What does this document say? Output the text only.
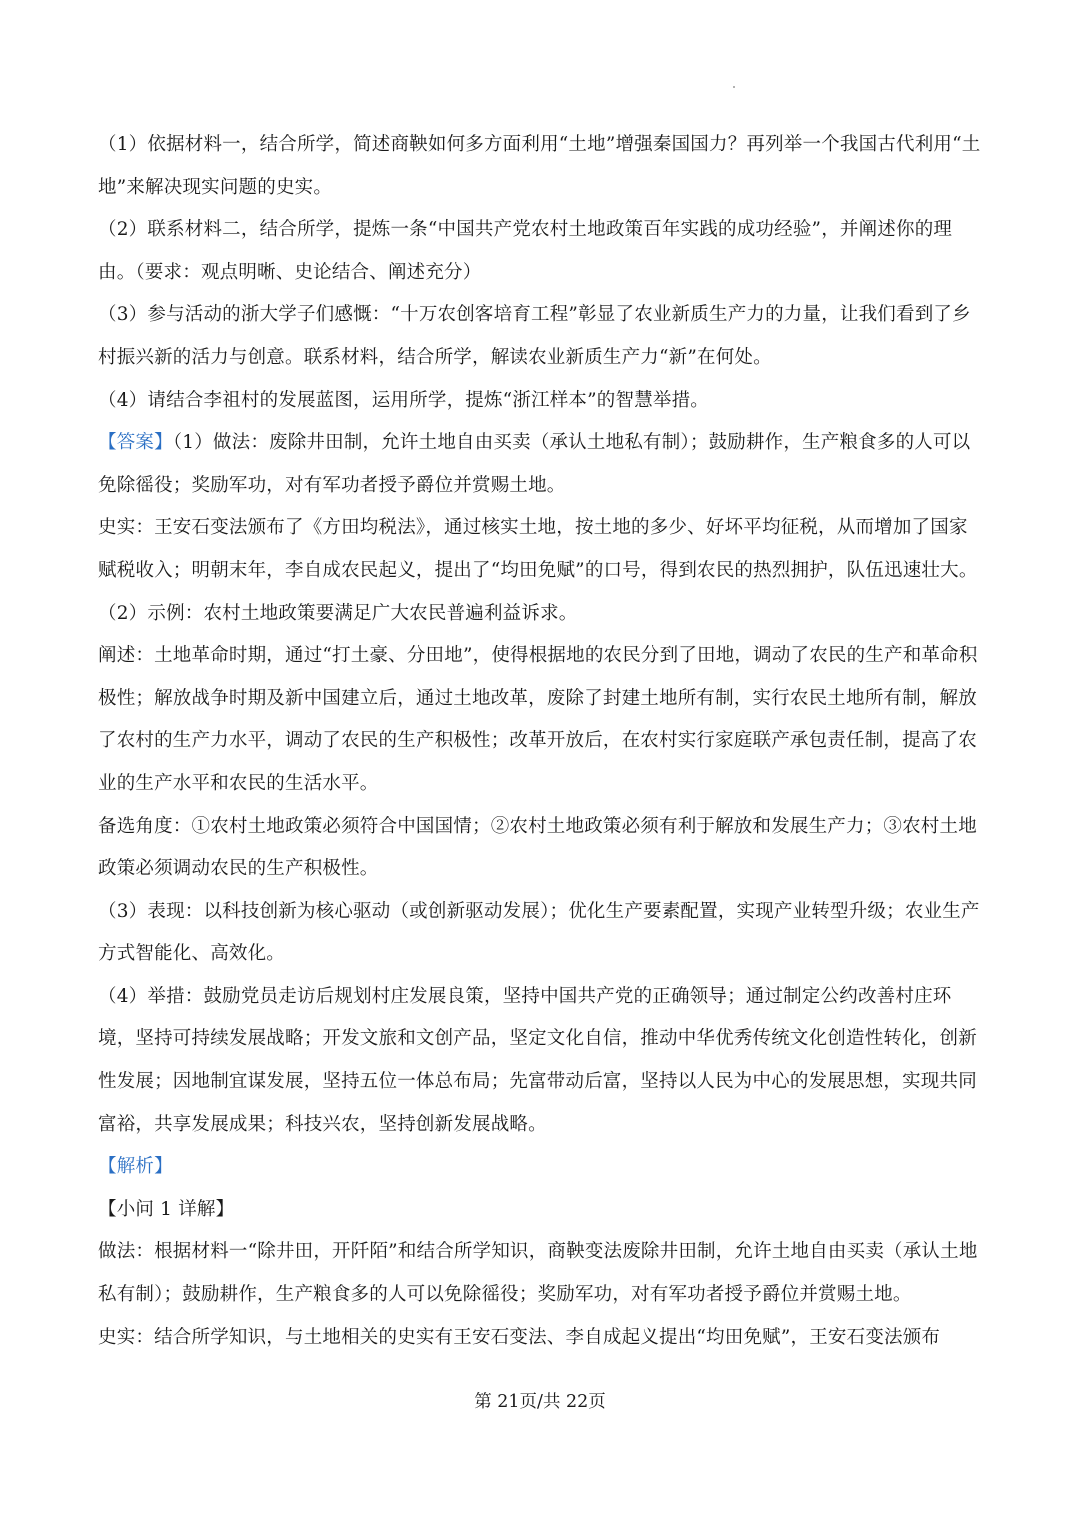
（1）依据材料一，结合所学，简述商鞅如何多方面利用“土地”增强秦国国力？再列举一个我国古代利用“土地”来解决现实问题的史实。

（2）联系材料二，结合所学，提炼一条“中国共产党农村土地政策百年实践的成功经验”，并阐述你的理由。（要求：观点明晰、史论结合、阐述充分）

（3）参与活动的浙大学子们感慨：“十万农创客培育工程”彰显了农业新质生产力的力量，让我们看到了乡村振兴新的活力与创意。联系材料，结合所学，解读农业新质生产力“新”在何处。

（4）请结合李祖村的发展蓝图，运用所学，提炼“浙江样本”的智慧举措。

【答案】（1）做法：废除井田制，允许土地自由买卖（承认土地私有制）；鼓励耕作，生产粮食多的人可以免除徭役；奖励军功，对有军功者授予爵位并赏赐土地。

史实：王安石变法颁布了《方田均税法》，通过核实土地，按土地的多少、好坏平均征税，从而增加了国家赋税收入；明朝末年，李自成农民起义，提出了“均田免赋”的口号，得到农民的热烈拥护，队伍迅速壮大。

（2）示例：农村土地政策要满足广大农民普遍利益诉求。

阐述：土地革命时期，通过“打土豪、分田地”，使得根据地的农民分到了田地，调动了农民的生产和革命积极性；解放战争时期及新中国建立后，通过土地改革，废除了封建土地所有制，实行农民土地所有制，解放了农村的生产力水平，调动了农民的生产积极性；改革开放后，在农村实行家庭联产承包责任制，提高了农业的生产水平和农民的生活水平。

备选角度：①农村土地政策必须符合中国国情；②农村土地政策必须有利于解放和发展生产力；③农村土地政策必须调动农民的生产积极性。

（3）表现：以科技创新为核心驱动（或创新驱动发展）；优化生产要素配置，实现产业转型升级；农业生产方式智能化、高效化。

（4）举措：鼓励党员走访后规划村庄发展良策，坚持中国共产党的正确领导；通过制定公约改善村庄环境，坚持可持续发展战略；开发文旅和文创产品，坚定文化自信，推动中华优秀传统文化创造性转化，创新性发展；因地制宜谋发展，坚持五位一体总布局；先富带动后富，坚持以人民为中心的发展思想，实现共同富裕，共享发展成果；科技兴农，坚持创新发展战略。

【解析】

【小问 1 详解】

做法：根据材料一“除井田，开阡陌”和结合所学知识，商鞅变法废除井田制，允许土地自由买卖（承认土地私有制）；鼓励耕作，生产粮食多的人可以免除徭役；奖励军功，对有军功者授予爵位并赏赐土地。

史实：结合所学知识，与土地相关的史实有王安石变法、李自成起义提出“均田免赋”，王安石变法颁布

第 21页/共 22页
